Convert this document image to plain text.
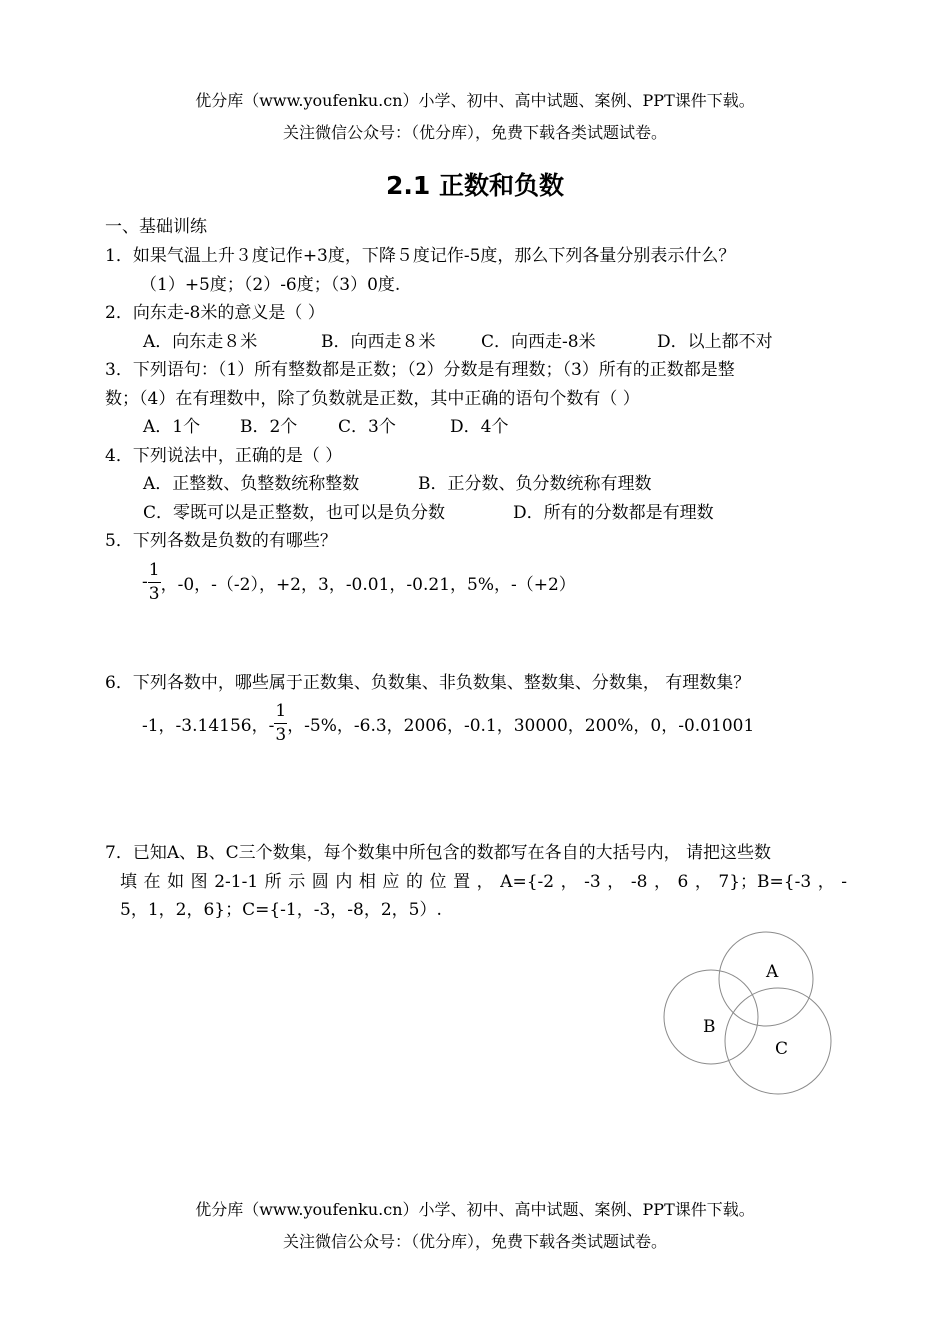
优分库（www.youfenku.cn）小学、初中、高中试题、案例、PPT课件下载。
关注微信公众号：（优分库），免费下载各类试题试卷。
2.1 正数和负数
一、基础训练
1．如果气温上升３度记作+3度，下降５度记作-5度，那么下列各量分别表示什么？
（1）+5度；（2）-6度；（3）0度.
2．向东走-8米的意义是（ ）
A．向东走８米	B．向西走８米	C．向西走-8米	D．以上都不对
3．下列语句：（1）所有整数都是正数；（2）分数是有理数；（3）所有的正数都是整
数；（4）在有理数中，除了负数就是正数，其中正确的语句个数有（ ）
A．1个 B．2个 C．3个	D．4个
4．下列说法中，正确的是（ ）
A．正整数、负整数统称整数	B．正分数、负分数统称有理数
C．零既可以是正整数，也可以是负分数	D．所有的分数都是有理数
5．下列各数是负数的有哪些？
- $\frac{1}{3}$ ，-0，-（-2），+2，3，-0.01，-0.21，5%，-（+2）
6．下列各数中，哪些属于正数集、负数集、非负数集、整数集、分数集， 有理数集？
-1，-3.14156，- $\frac{1}{3}$ ，-5%，-6.3，2006，-0.1，30000，200%，0，-0.01001
7．已知A、B、C三个数集，每个数集中所包含的数都写在各自的大括号内， 请把这些数
填在如图2-1-1所示圆内相应的位置，A={-2，-3，-8，6，7}；B={-3，-
5，1，2，6}；C={-1，-3，-8，2，5）.
A
B
C
优分库（www.youfenku.cn）小学、初中、高中试题、案例、PPT课件下载。
关注微信公众号：（优分库），免费下载各类试题试卷。
